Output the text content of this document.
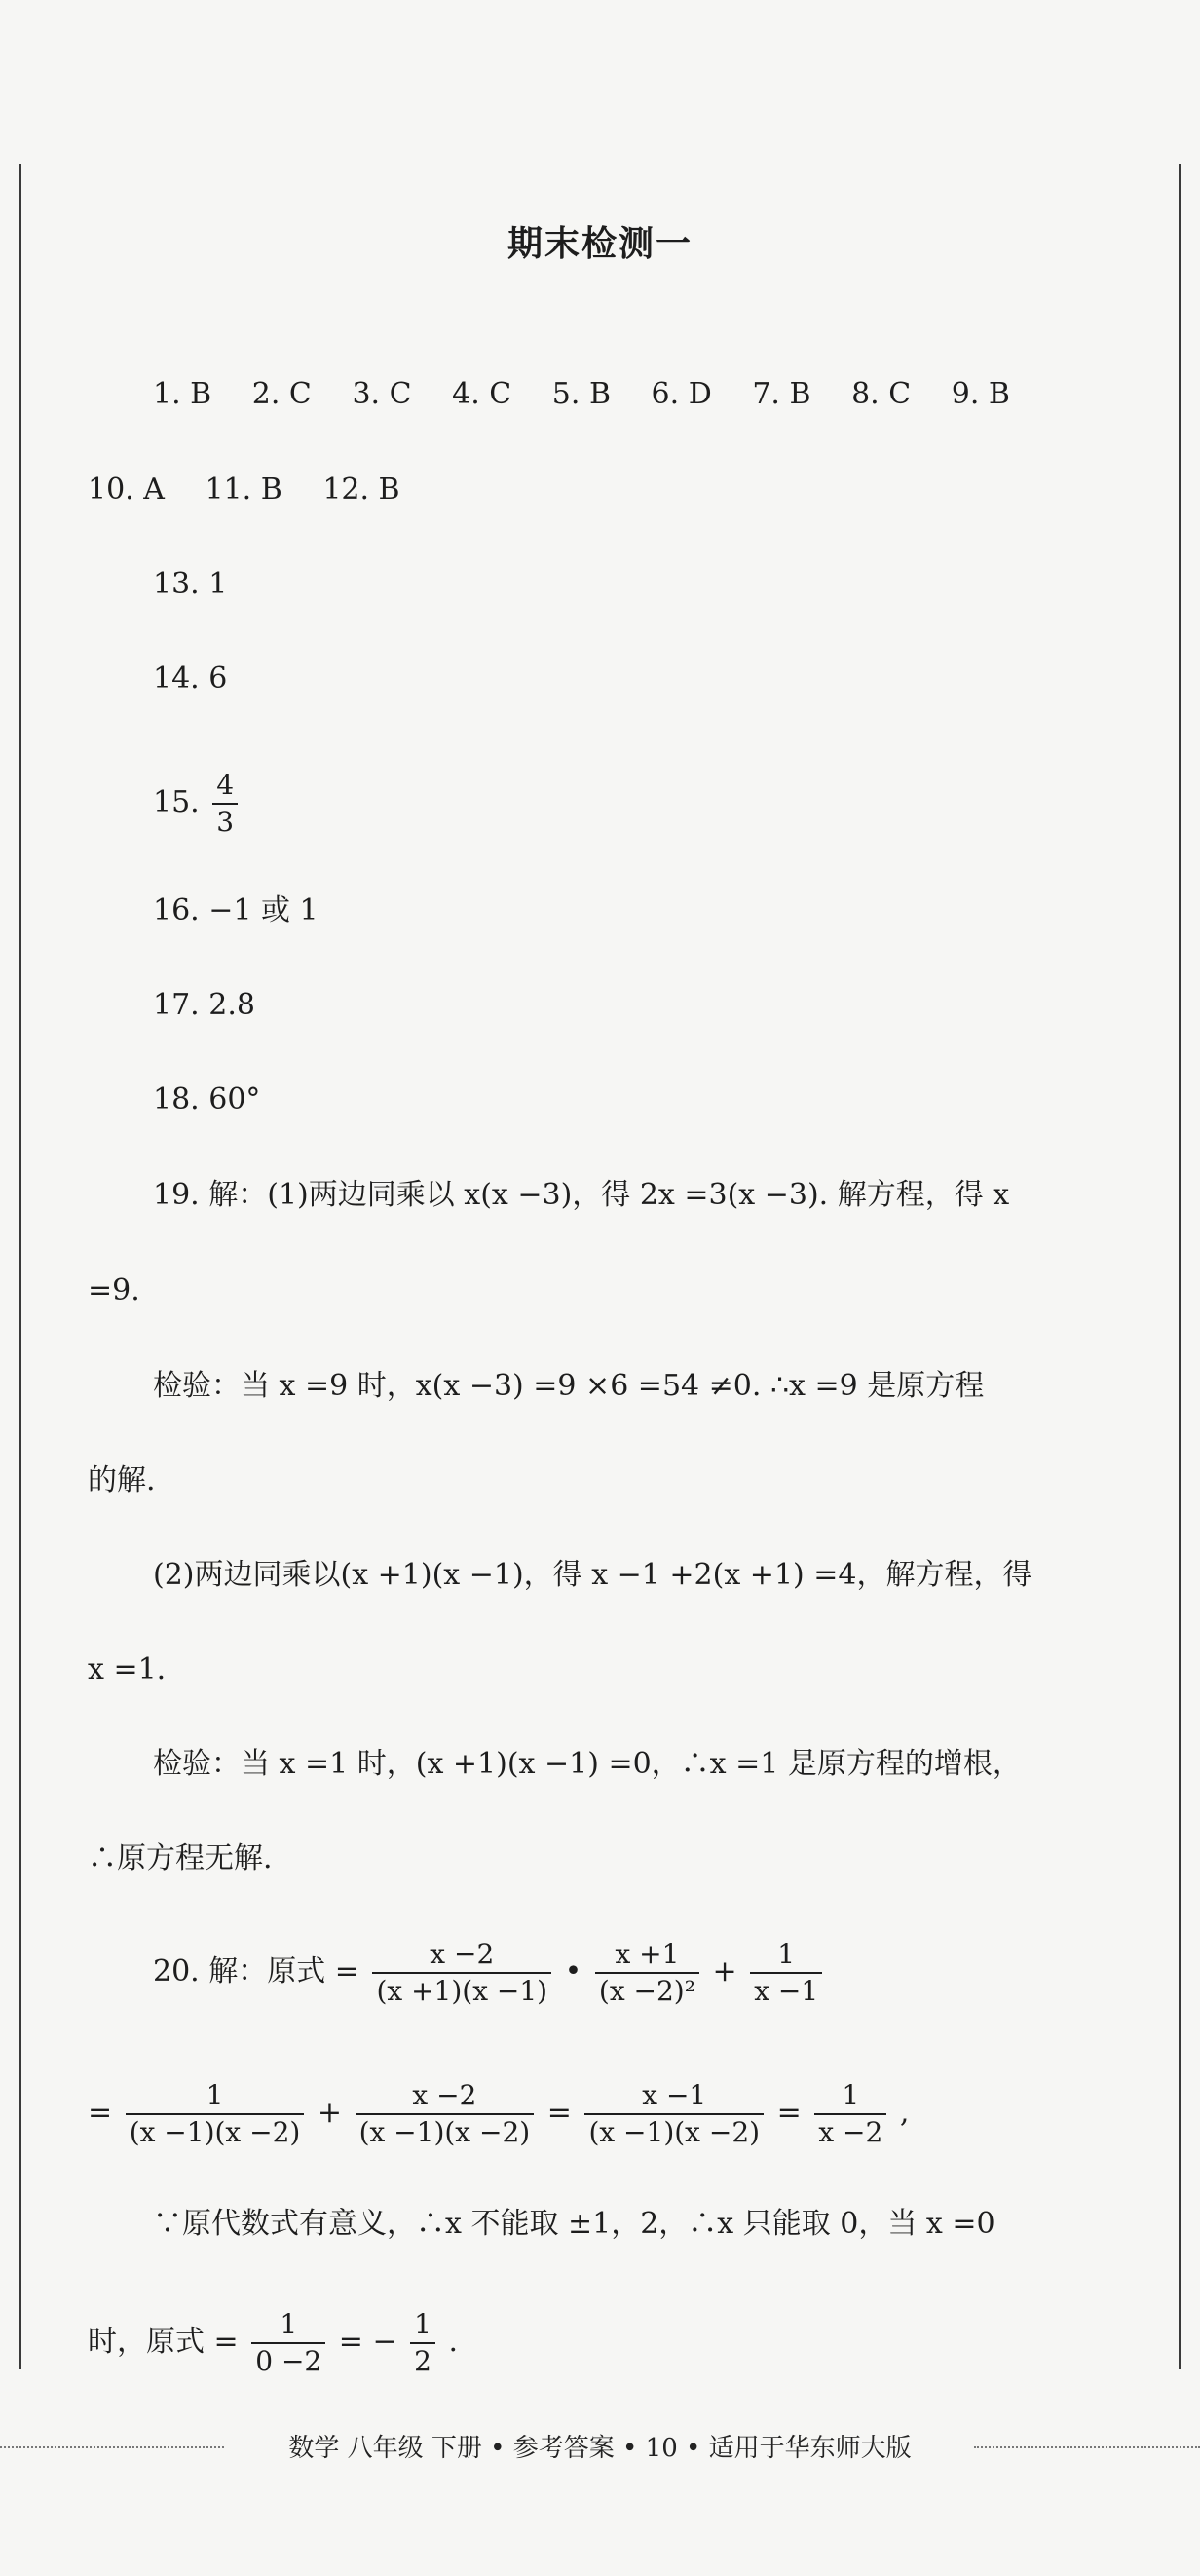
期末检测一
1. B 2. C 3. C 4. C 5. B 6. D 7. B 8. C 9. B
10. A 11. B 12. B
13. 1
14. 6
15. $\frac{4}{3}$
16. −1 或 1
17. 2.8
18. 60°
19. 解：(1)两边同乘以 x(x −3)，得 2x =3(x −3). 解方程，得 x
=9.
检验：当 x =9 时，x(x −3) =9 ×6 =54 ≠0. ∴x =9 是原方程
的解.
(2)两边同乘以(x +1)(x −1)，得 x −1 +2(x +1) =4，解方程，得
x =1.
检验：当 x =1 时，(x +1)(x −1) =0，∴x =1 是原方程的增根，
∴原方程无解.
20. 解：原式 = $\frac{x -2}{(x +1)(x -1)}$ • $\frac{x +1}{\text{(x −2)²}} + \frac{1}{x -1}$
= $\frac{1}{(x -1)(x -2)} + \frac{x -2}{(x -1)(x -2)} = \frac{x -1}{(x -1)(x -2)} = \frac{1}{x -2}$ ,
∵原代数式有意义，∴x 不能取 ±1，2，∴x 只能取 0，当 x =0
时，原式 = $\frac{1}{0 -2}$ = − $\frac{1}{2}$ .
数学 八年级 下册 • 参考答案 • 10 • 适用于华东师大版
